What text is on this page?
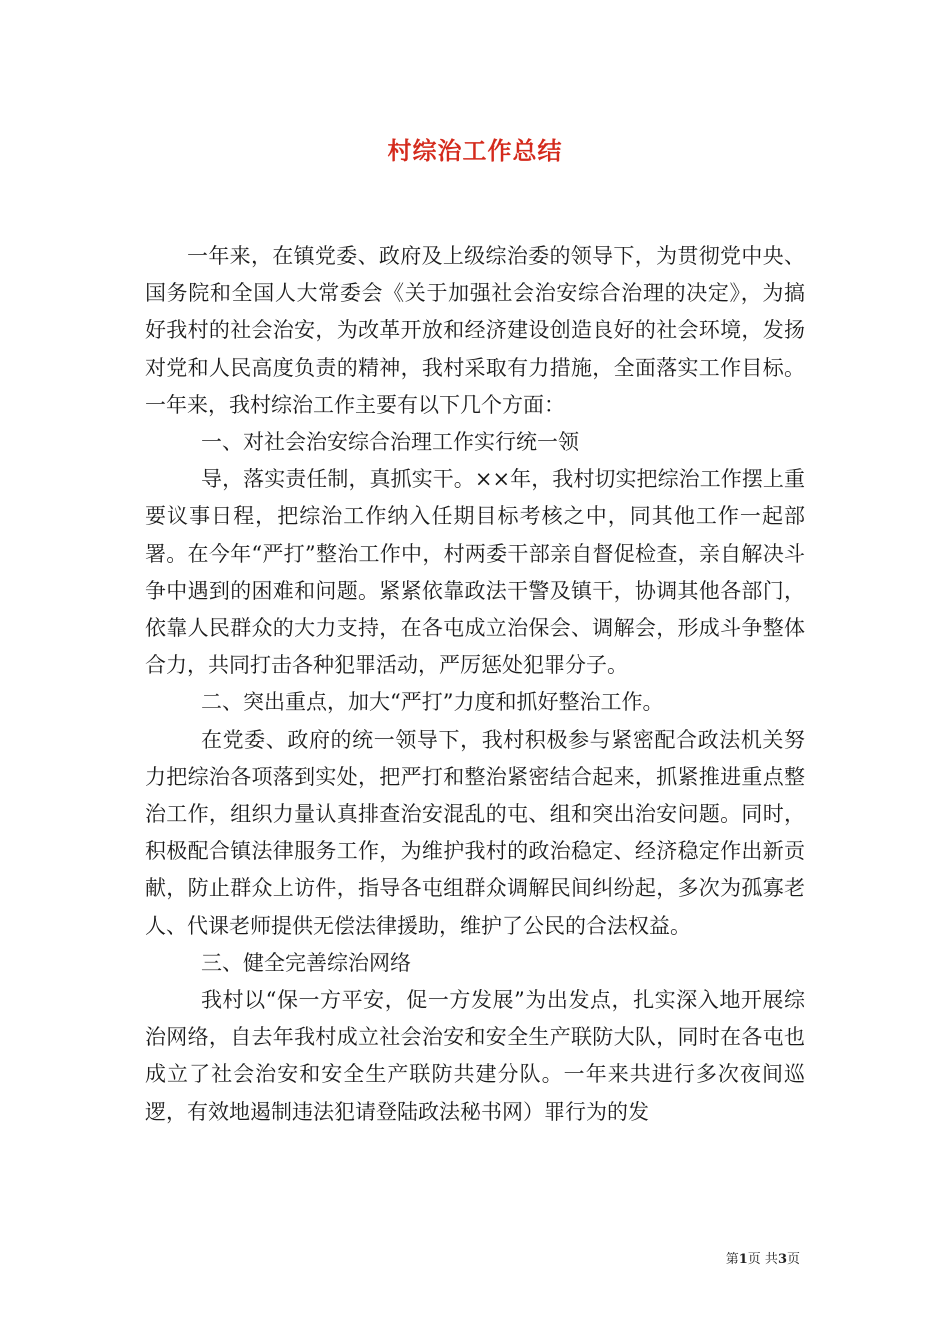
村综治工作总结

一年来，在镇党委、政府及上级综治委的领导下，为贯彻党中央、国务院和全国人大常委会《关于加强社会治安综合治理的决定》，为搞好我村的社会治安，为改革开放和经济建设创造良好的社会环境，发扬对党和人民高度负责的精神，我村采取有力措施，全面落实工作目标。一年来，我村综治工作主要有以下几个方面：

一、对社会治安综合治理工作实行统一领

导，落实责任制，真抓实干。××年，我村切实把综治工作摆上重要议事日程，把综治工作纳入任期目标考核之中，同其他工作一起部署。在今年“严打”整治工作中，村两委干部亲自督促检查，亲自解决斗争中遇到的困难和问题。紧紧依靠政法干警及镇干，协调其他各部门，依靠人民群众的大力支持，在各屯成立治保会、调解会，形成斗争整体合力，共同打击各种犯罪活动，严厉惩处犯罪分子。

二、突出重点，加大“严打”力度和抓好整治工作。

在党委、政府的统一领导下，我村积极参与紧密配合政法机关努力把综治各项落到实处，把严打和整治紧密结合起来，抓紧推进重点整治工作，组织力量认真排查治安混乱的屯、组和突出治安问题。同时，积极配合镇法律服务工作，为维护我村的政治稳定、经济稳定作出新贡献，防止群众上访件，指导各屯组群众调解民间纠纷起，多次为孤寡老人、代课老师提供无偿法律援助，维护了公民的合法权益。

三、健全完善综治网络

我村以“保一方平安，促一方发展”为出发点，扎实深入地开展综治网络，自去年我村成立社会治安和安全生产联防大队，同时在各屯也成立了社会治安和安全生产联防共建分队。一年来共进行多次夜间巡逻，有效地遏制违法犯请登陆政法秘书网）罪行为的发

第1页 共3页
